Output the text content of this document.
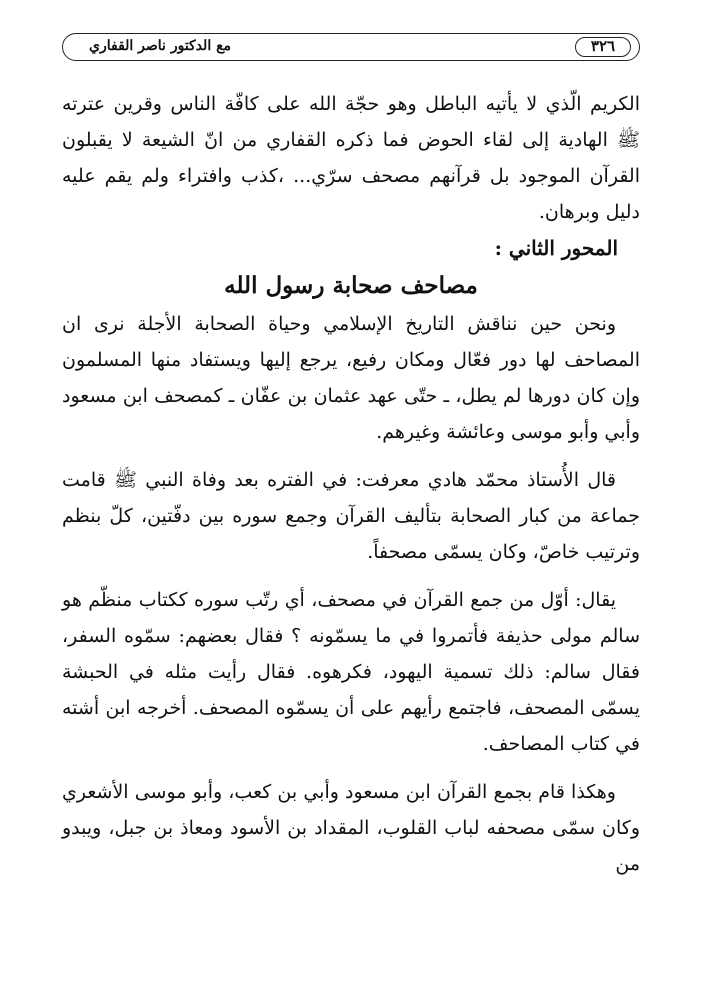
٣٢٦
مع الدكتور ناصر القفاري

الكريم الّذي لا يأتيه الباطل وهو حجّة الله على كافّة الناس وقرين عترته ﷺ الهادية إلى لقاء الحوض فما ذكره القفاري من انّ الشيعة لا يقبلون القرآن الموجود بل قرآنهم مصحف سرّي... ،كذب وافتراء ولم يقم عليه دليل وبرهان.

المحور الثاني :

مصاحف صحابة رسول الله

ونحن حين نناقش التاريخ الإسلامي وحياة الصحابة الأجلة نرى ان المصاحف لها دور فعّال ومكان رفيع، يرجع إليها ويستفاد منها المسلمون وإن كان دورها لم يطل، ـ حتّى عهد عثمان بن عفّان ـ كمصحف ابن مسعود وأبي وأبو موسى وعائشة وغيرهم.

قال الأُستاذ محمّد هادي معرفت: في الفتره بعد وفاة النبي ﷺ قامت جماعة من كبار الصحابة بتأليف القرآن وجمع سوره بين دفّتين، كلّ بنظم وترتيب خاصّ، وكان يسمّى مصحفاً.

يقال: أوّل من جمع القرآن في مصحف، أي رتّب سوره ككتاب منظّم هو سالم مولى حذيفة فأتمروا في ما يسمّونه ؟ فقال بعضهم: سمّوه السفر، فقال سالم: ذلك تسمية اليهود، فكرهوه. فقال رأيت مثله في الحبشة يسمّى المصحف، فاجتمع رأيهم على أن يسمّوه المصحف. أخرجه ابن أشته في كتاب المصاحف.

وهكذا قام بجمع القرآن ابن مسعود وأبي بن كعب، وأبو موسى الأشعري وكان سمّى مصحفه لباب القلوب، المقداد بن الأسود ومعاذ بن جبل، ويبدو من
